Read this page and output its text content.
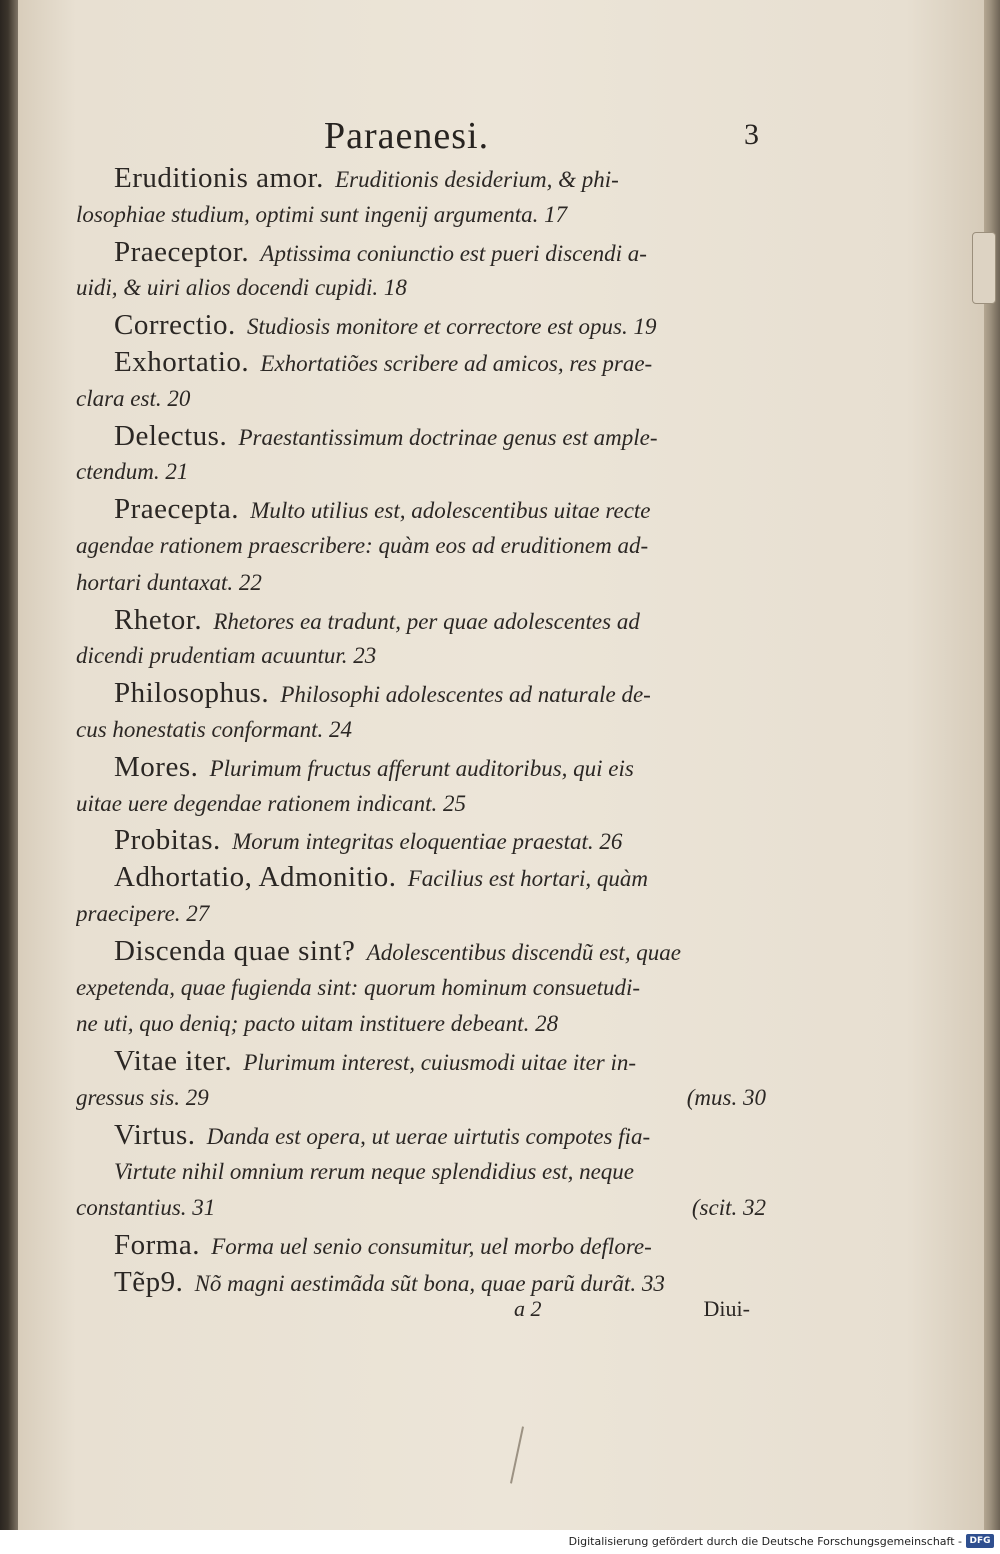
Paraenesi.	3
Eruditionis amor.  Eruditionis desiderium, & phi-
losophiae studium, optimi sunt ingenij argumenta. 17
Praeceptor.  Aptissima coniunctio est pueri discendi a-
uidi, & uiri alios docendi cupidi. 18
Correctio.  Studiosis monitore et correctore est opus. 19
Exhortatio.  Exhortatiões scribere ad amicos, res prae-
clara est. 20
Delectus.  Praestantissimum doctrinae genus est ample-
ctendum. 21
Praecepta.  Multo utilius est, adolescentibus uitae recte
agendae rationem praescribere: quàm eos ad eruditionem ad-
hortari duntaxat. 22
Rhetor.  Rhetores ea tradunt, per quae adolescentes ad
dicendi prudentiam acuuntur. 23
Philosophus.  Philosophi adolescentes ad naturale de-
cus honestatis conformant. 24
Mores.  Plurimum fructus afferunt auditoribus, qui eis
uitae uere degendae rationem indicant. 25
Probitas.  Morum integritas eloquentiae praestat. 26
Adhortatio, Admonitio.  Facilius est hortari, quàm
praecipere. 27
Discenda quae sint?  Adolescentibus discendũ est, quae
expetenda, quae fugienda sint: quorum hominum consuetudi-
ne uti, quo deniq; pacto uitam instituere debeant. 28
Vitae iter.  Plurimum interest, cuiusmodi uitae iter in-
gressus sis. 29	(mus. 30
Virtus.  Danda est opera, ut uerae uirtutis compotes fia-
Virtute nihil omnium rerum neque splendidius est, neque
constantius. 31	(scit. 32
Forma.  Forma uel senio consumitur, uel morbo deflore-
Tẽp9.  Nõ magni aestimãda sũt bona, quae parũ durãt. 33
a 2	Diui-
Digitalisierung gefördert durch die Deutsche Forschungsgemeinschaft - DFG
